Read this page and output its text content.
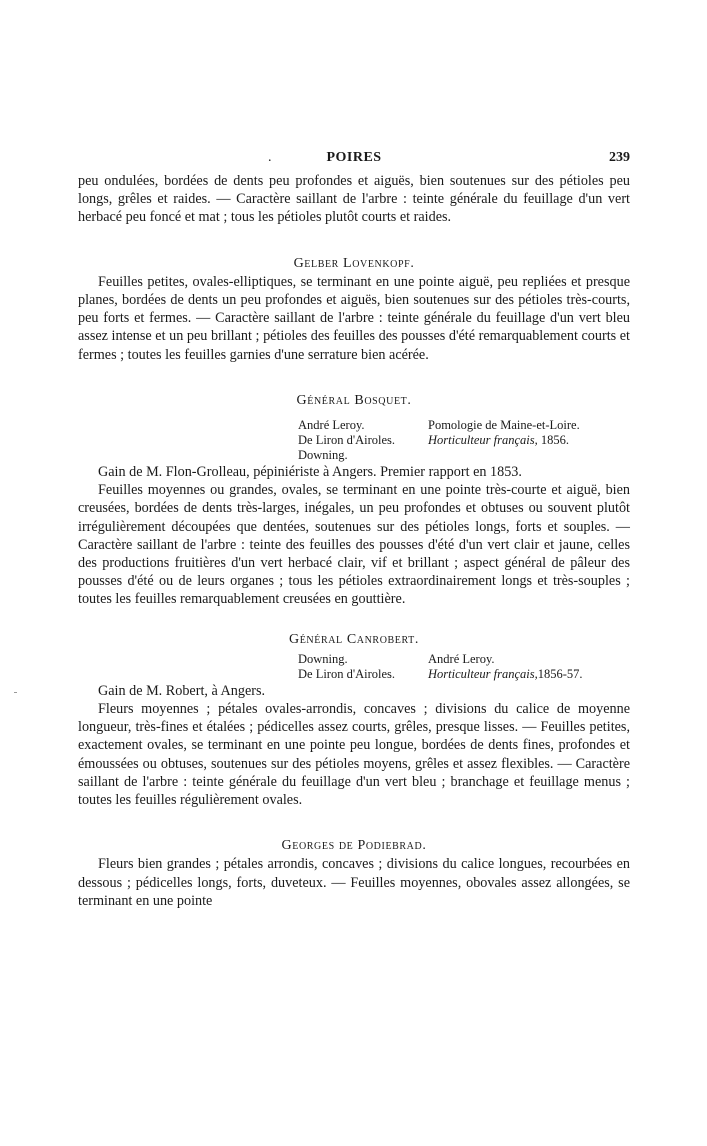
.	POIRES	239

peu ondulées, bordées de dents peu profondes et aiguës, bien soutenues sur des pétioles peu longs, grêles et raides. — Caractère saillant de l'arbre : teinte générale du feuillage d'un vert herbacé peu foncé et mat ; tous les pétioles plutôt courts et raides.

Gelber Lovenkopf.

Feuilles petites, ovales-elliptiques, se terminant en une pointe aiguë, peu repliées et presque planes, bordées de dents un peu profondes et aiguës, bien soutenues sur des pétioles très-courts, peu forts et fermes. — Caractère saillant de l'arbre : teinte générale du feuillage d'un vert bleu assez intense et un peu brillant ; pétioles des feuilles des pousses d'été remarquablement courts et fermes ; toutes les feuilles garnies d'une serrature bien acérée.

Général Bosquet.
André Leroy.	Pomologie de Maine-et-Loire.
De Liron d'Airoles.	Horticulteur français, 1856.
Downing.	

Gain de M. Flon-Grolleau, pépiniériste à Angers. Premier rapport en 1853.

Feuilles moyennes ou grandes, ovales, se terminant en une pointe très-courte et aiguë, bien creusées, bordées de dents très-larges, inégales, un peu profondes et obtuses ou souvent plutôt irrégulièrement découpées que dentées, soutenues sur des pétioles longs, forts et souples. — Caractère saillant de l'arbre : teinte des feuilles des pousses d'été d'un vert clair et jaune, celles des productions fruitières d'un vert herbacé clair, vif et brillant ; aspect général de pâleur des pousses d'été ou de leurs organes ; tous les pétioles extraordinairement longs et très-souples ; toutes les feuilles remarquablement creusées en gouttière.

Général Canrobert.
Downing.	André Leroy.
De Liron d'Airoles.	Horticulteur français,1856-57.

Gain de M. Robert, à Angers.

Fleurs moyennes ; pétales ovales-arrondis, concaves ; divisions du calice de moyenne longueur, très-fines et étalées ; pédicelles assez courts, grêles, presque lisses. — Feuilles petites, exactement ovales, se terminant en une pointe peu longue, bordées de dents fines, profondes et émoussées ou obtuses, soutenues sur des pétioles moyens, grêles et assez flexibles. — Caractère saillant de l'arbre : teinte générale du feuillage d'un vert bleu ; branchage et feuillage menus ; toutes les feuilles régulièrement ovales.

Georges de Podiebrad.

Fleurs bien grandes ; pétales arrondis, concaves ; divisions du calice longues, recourbées en dessous ; pédicelles longs, forts, duveteux. — Feuilles moyennes, obovales assez allongées, se terminant en une pointe
